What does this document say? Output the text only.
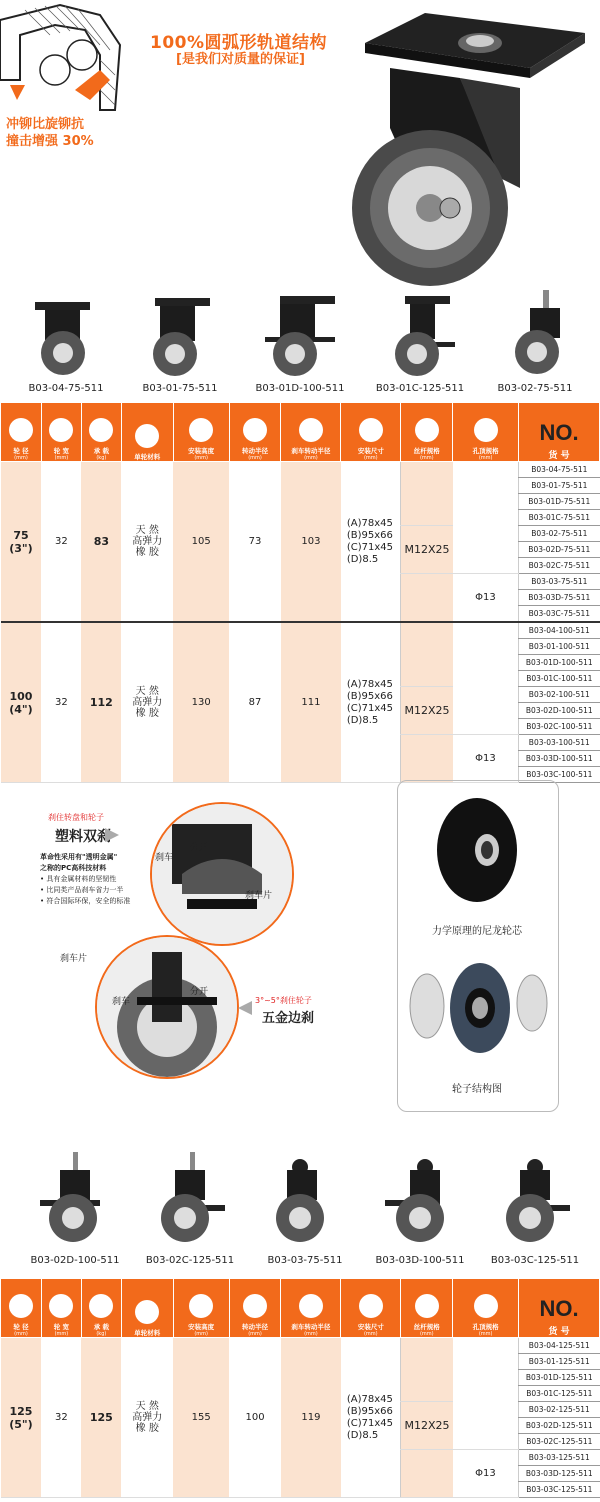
100%圆弧形轨道结构
[是我们对质量的保证]
冲铆比旋铆抗
撞击增强 30%
B03-04-75-511	B03-01-75-511	B03-01D-100-511	B03-01C-125-511	B03-02-75-511
轮 径
(mm)	轮 宽
(mm)	承 载
(kg)	单轮材料	安装高度
(mm)	转动半径
(mm)	刹车转动半径
(mm)	安装尺寸
(mm)	丝杆规格
(mm)	孔顶规格
(mm)	NO.
货 号
75
(3")	32	83	天 然
高弹力
橡 胶	105	73	103	(A)78x45
(B)95x66
(C)71x45
(D)8.5			B03-04-75-511
										B03-01-75-511
										B03-01D-75-511
										B03-01C-75-511
								M12X25		B03-02-75-511
										B03-02D-75-511
										B03-02C-75-511
									Φ13	B03-03-75-511
										B03-03D-75-511
										B03-03C-75-511
100
(4")	32	112	天 然
高弹力
橡 胶	130	87	111	(A)78x45
(B)95x66
(C)71x45
(D)8.5			B03-04-100-511
										B03-01-100-511
										B03-01D-100-511
										B03-01C-100-511
								M12X25		B03-02-100-511
										B03-02D-100-511
										B03-02C-100-511
									Φ13	B03-03-100-511
										B03-03D-100-511
										B03-03C-100-511
刹住转盘和轮子
塑料双刹
革命性采用有"透明金属"
之称的PC高科技材料
• 具有金属材料的坚韧性
• 比同类产品刹车省力一半
• 符合国际环保，安全的标准
刹车
分开
刹车片
刹车片
刹车
分开
3°~5°刹住轮子
五金边刹
力学原理的尼龙轮芯
轮子结构图
B03-02D-100-511	B03-02C-125-511	B03-03-75-511	B03-03D-100-511	B03-03C-125-511
轮 径
(mm)	轮 宽
(mm)	承 载
(kg)	单轮材料	安装高度
(mm)	转动半径
(mm)	刹车转动半径
(mm)	安装尺寸
(mm)	丝杆规格
(mm)	孔顶规格
(mm)	NO.
货 号
125
(5")	32	125	天 然
高弹力
橡 胶	155	100	119	(A)78x45
(B)95x66
(C)71x45
(D)8.5			B03-04-125-511
										B03-01-125-511
										B03-01D-125-511
										B03-01C-125-511
								M12X25		B03-02-125-511
										B03-02D-125-511
										B03-02C-125-511
									Φ13	B03-03-125-511
										B03-03D-125-511
										B03-03C-125-511
